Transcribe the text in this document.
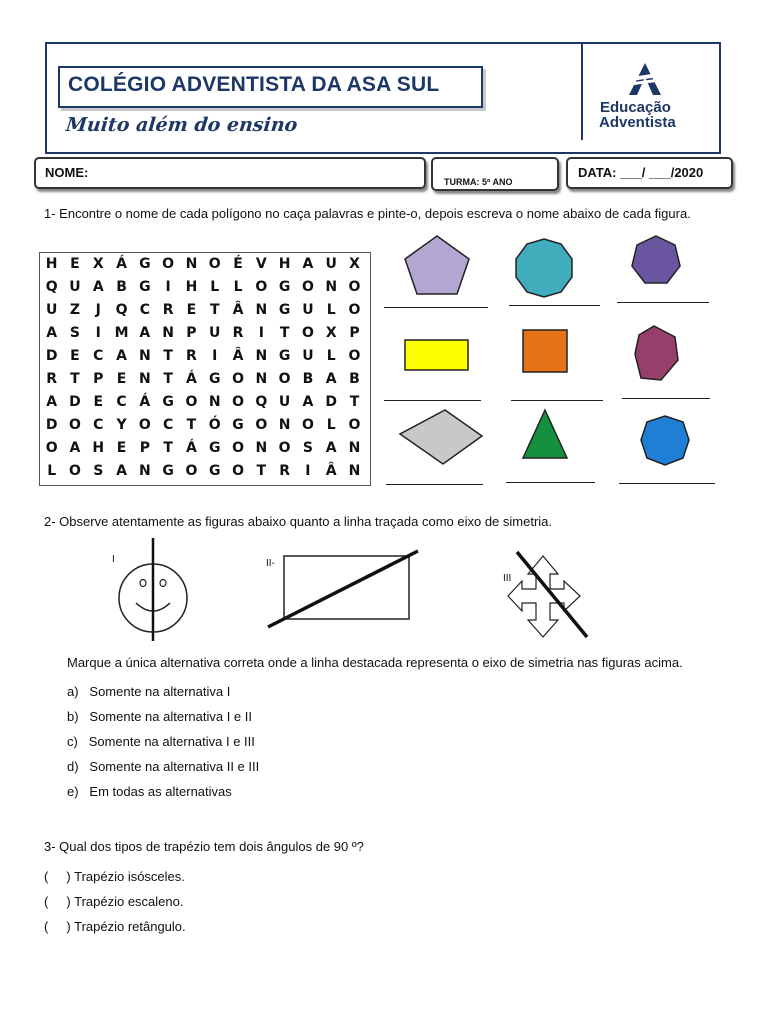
COLÉGIO ADVENTISTA DA ASA SUL
Muito além do ensino
Educação
Adventista
NOME:
TURMA: 5º ANO
DATA: ___/ ___/2020
1- Encontre o nome de cada polígono no caça palavras e pinte-o, depois escreva o nome abaixo de cada figura.
H E X Á G O N O É V H A U X
Q U A B G	I	H L	L O G O N O
U Z	J	Q C R E T Â N G U L O
A S	I M A N P U R	I	T O X P
D E C A N T R	I	Â N G U L O
R T P E N T Á G O N O B A B
A D E C Á G O N O Q U A D T
D O C Y O C T Ó G O N O L O
O A H E P T Á G O N O S A N
L O S A N G O G O T R	I	Â N
2- Observe atentamente as figuras abaixo quanto a linha traçada como eixo de simetria.
I	II-
III
Marque a única alternativa correta onde a linha destacada representa o eixo de simetria nas figuras acima.
a) Somente na alternativa I
b) Somente na alternativa I e II
c) Somente na alternativa I e III
d) Somente na alternativa II e III
e) Em todas as alternativas
3- Qual dos tipos de trapézio tem dois ângulos de 90 º?
(     ) Trapézio isósceles.
(     ) Trapézio escaleno.
(     ) Trapézio retângulo.
